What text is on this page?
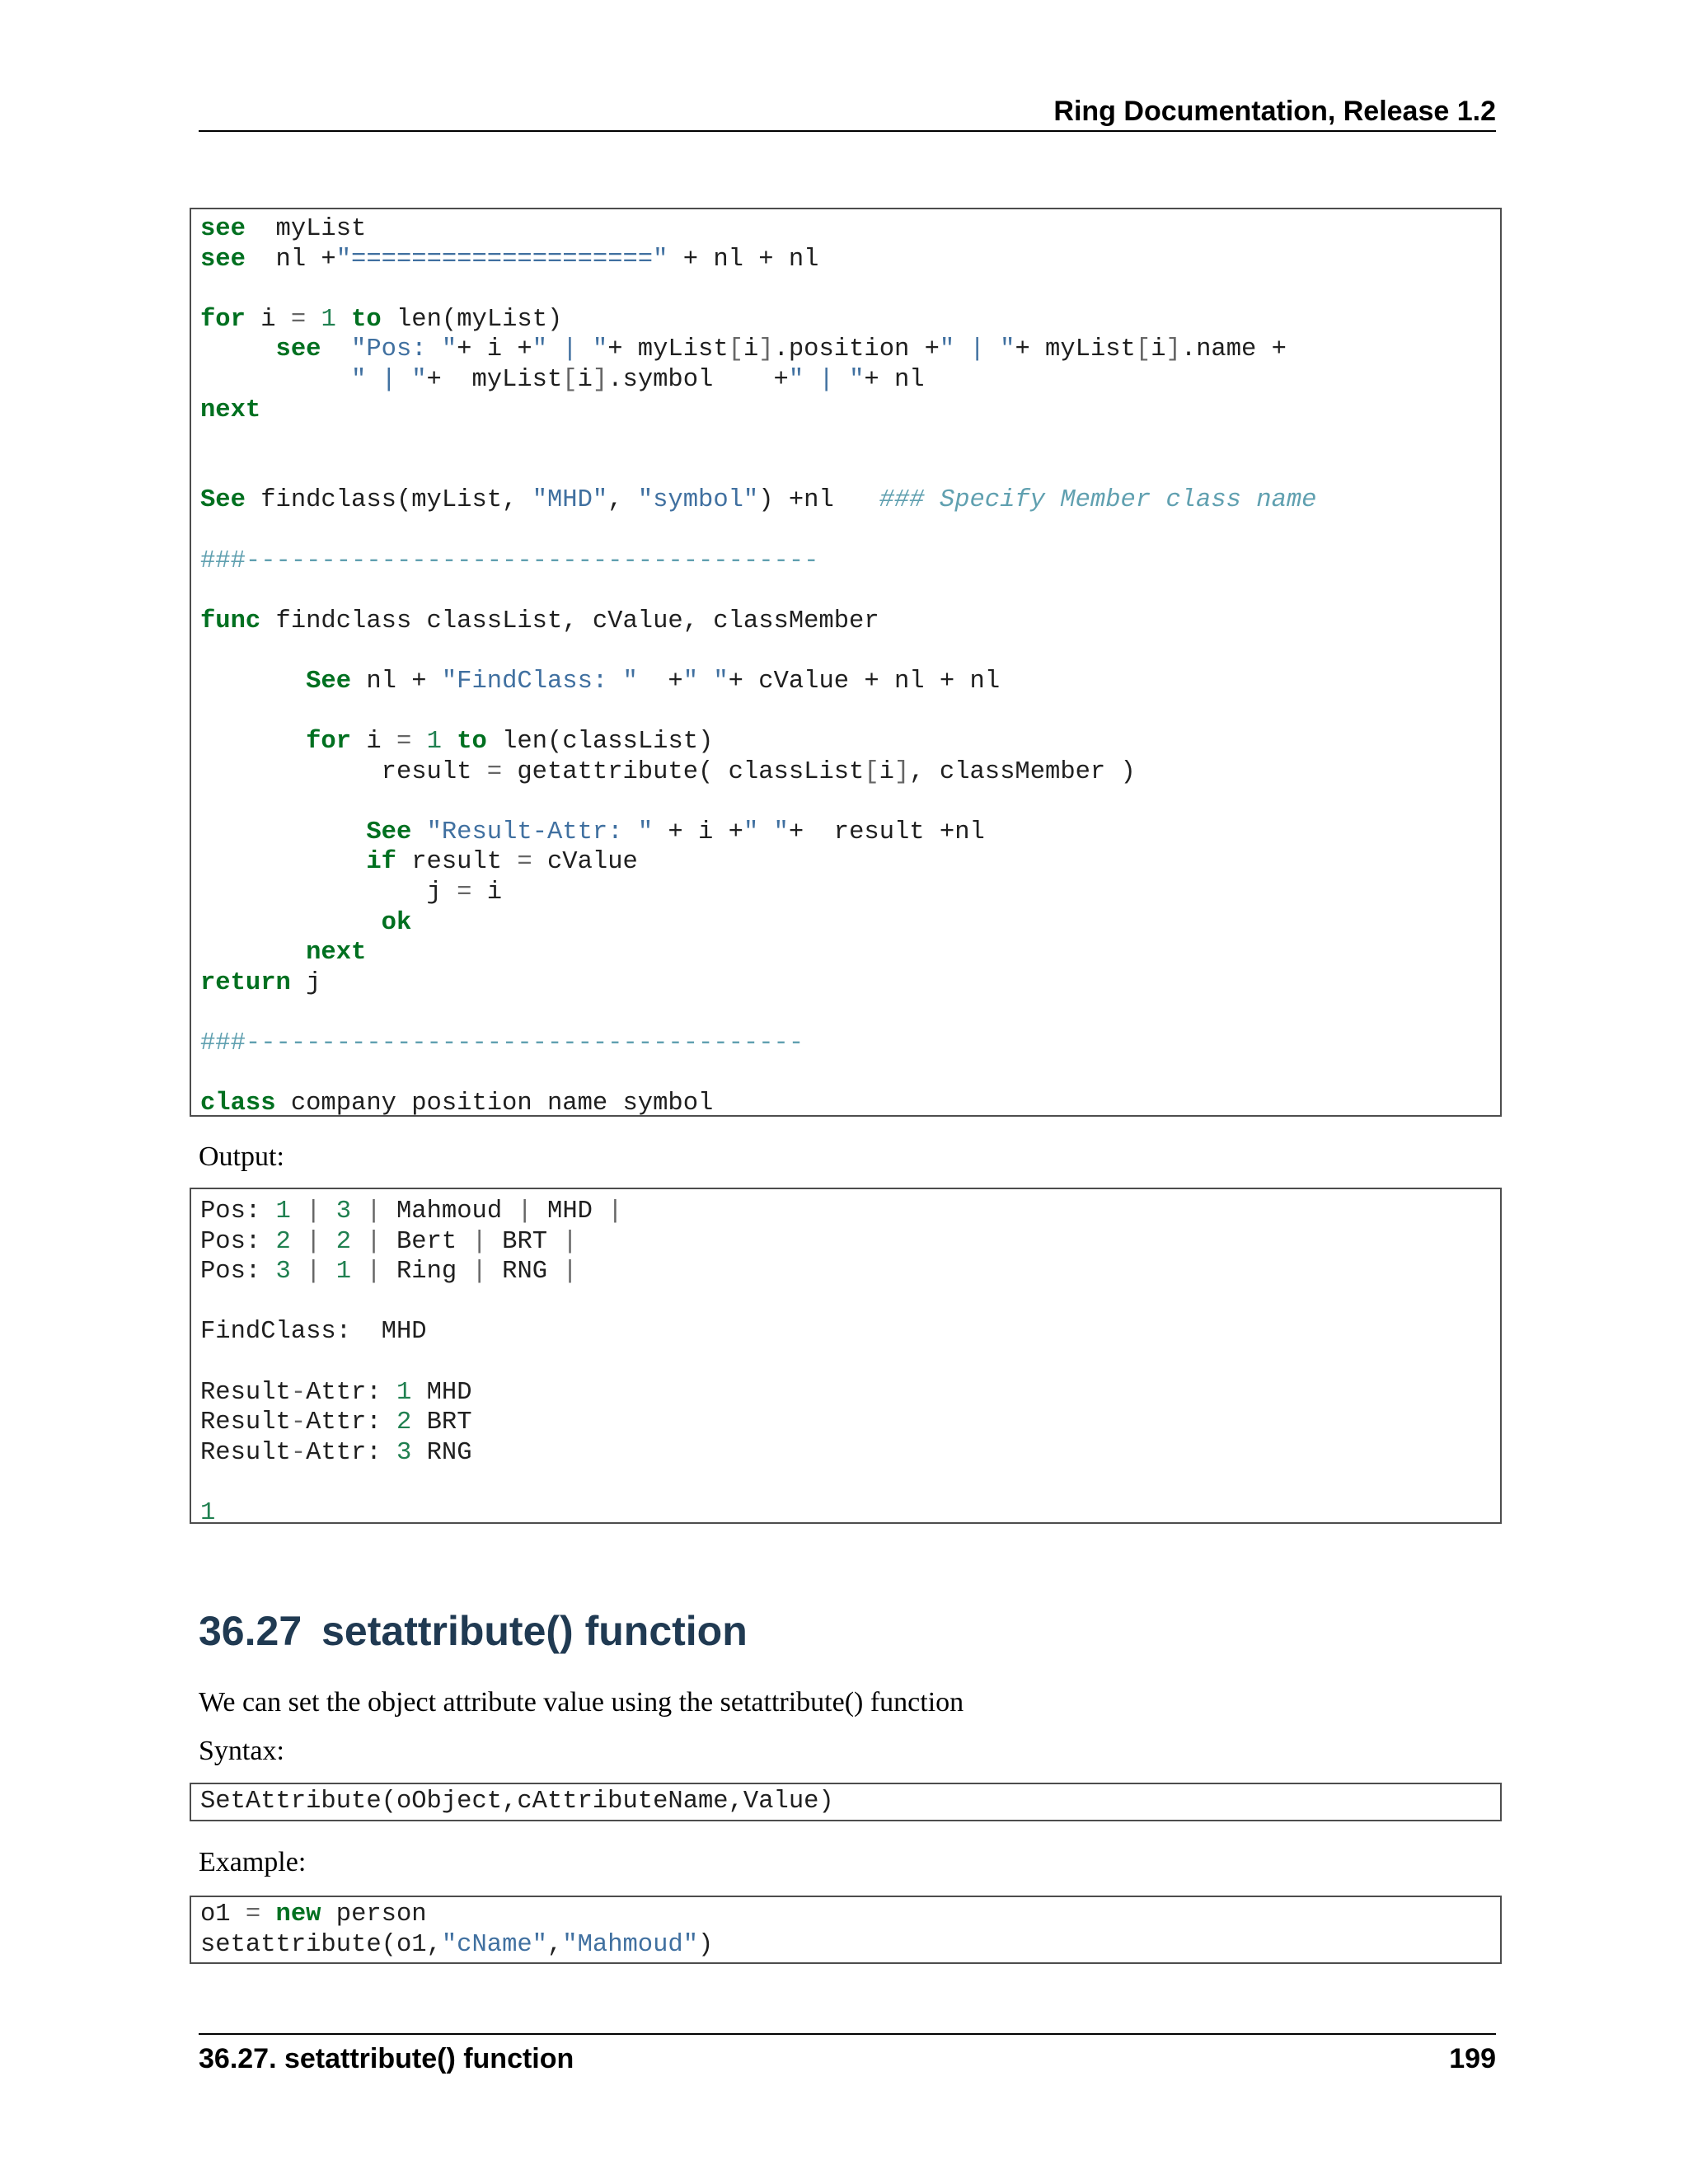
Ring Documentation, Release 1.2
see  myList
see  nl +"====================" + nl + nl

for i = 1 to len(myList)
see "Pos: "+ i +" | "+ myList[i].position +" | "+ myList[i].name +
" | "+  myList[i].symbol    +" | "+ nl
next

See findclass(myList, "MHD", "symbol") +nl   ### Specify Member class name

###--------------------------------------

func findclass classList, cValue, classMember

See nl + "FindClass: "  +" "+ cValue + nl + nl

for i = 1 to len(classList)
result = getattribute( classList[i], classMember )

See "Result-Attr: " + i +" "+  result +nl
if result = cValue
j = i
ok
next
return j

###-------------------------------------

class company position name symbol

Output:

Pos: 1 | 3 | Mahmoud | MHD |
Pos: 2 | 2 | Bert | BRT |
Pos: 3 | 1 | Ring | RNG |

FindClass:  MHD

Result-Attr: 1 MHD
Result-Attr: 2 BRT
Result-Attr: 3 RNG

1
36.27 setattribute() function

We can set the object attribute value using the setattribute() function

Syntax:

SetAttribute(oObject,cAttributeName,Value)

Example:

o1 = new person
setattribute(o1,"cName","Mahmoud")
36.27. setattribute() function	199
